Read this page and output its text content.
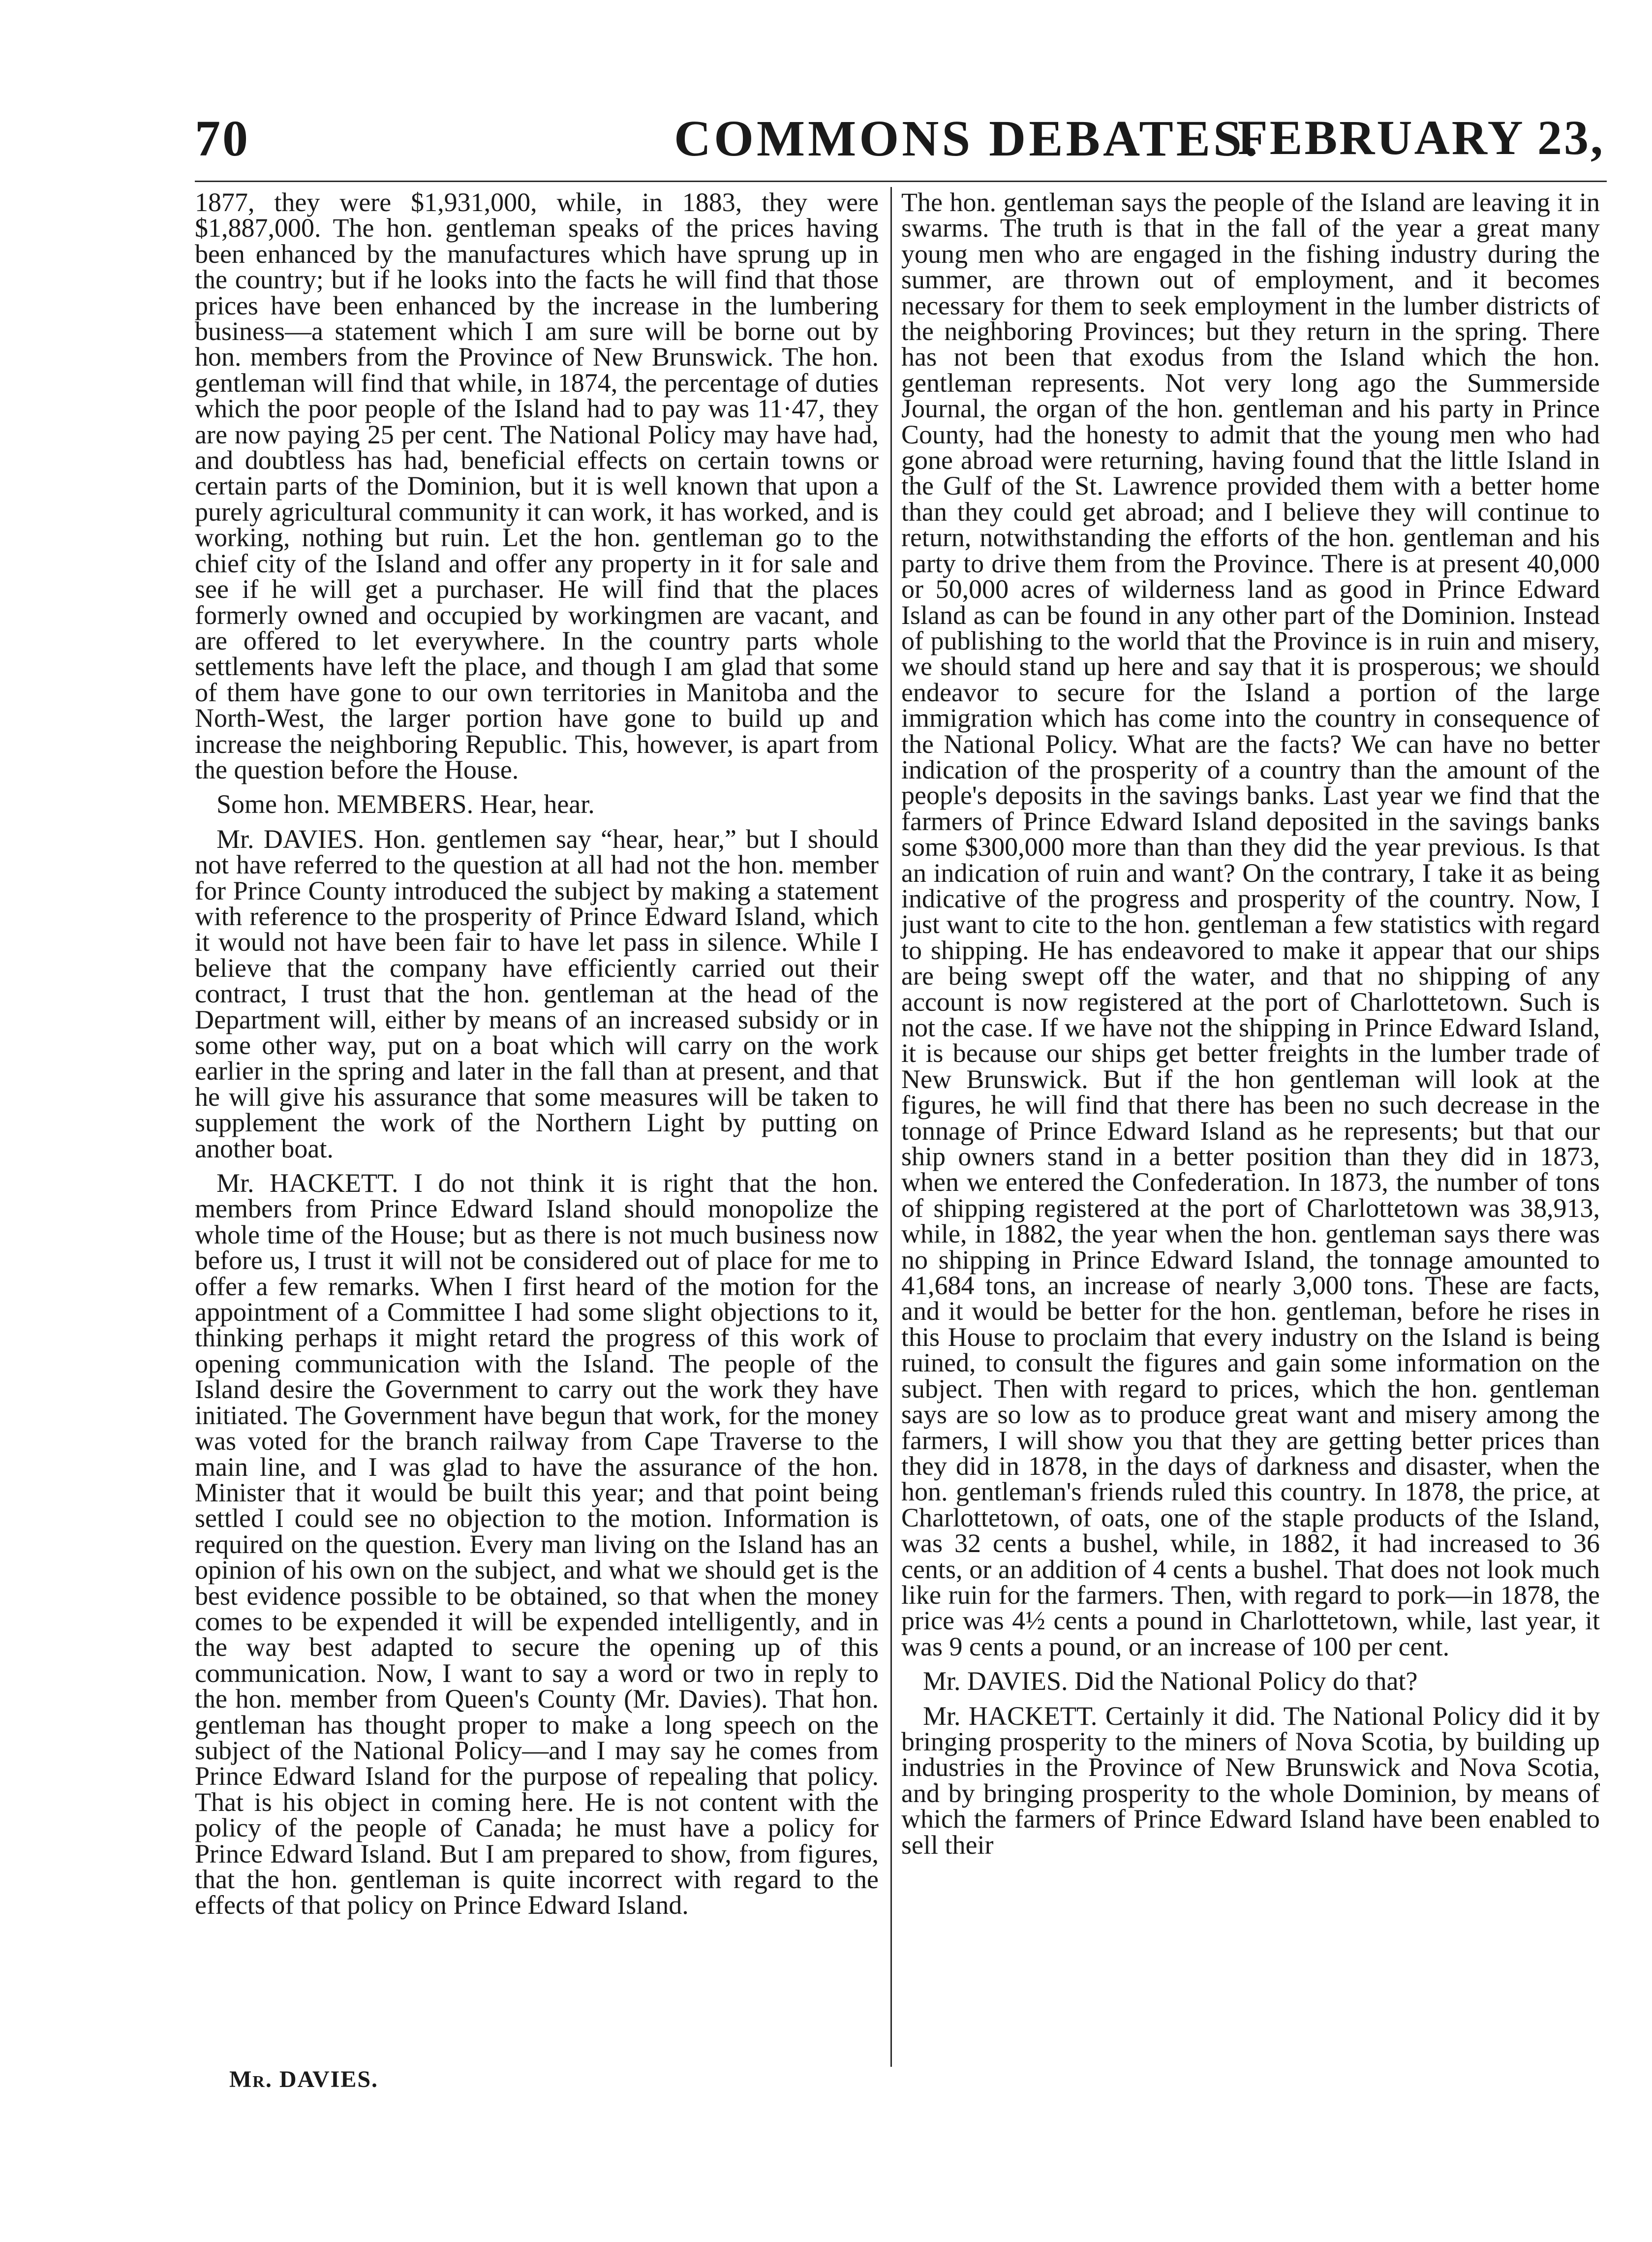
70	COMMONS DEBATES.
FEBRUARY 23,

1877, they were $1,931,000, while, in 1883, they were $1,887,000. The hon. gentleman speaks of the prices having been enhanced by the manufactures which have sprung up in the country; but if he looks into the facts he will find that those prices have been enhanced by the increase in the lumbering business—a statement which I am sure will be borne out by hon. members from the Province of New Brunswick. The hon. gentleman will find that while, in 1874, the percentage of duties which the poor people of the Island had to pay was 11·47, they are now paying 25 per cent. The National Policy may have had, and doubtless has had, beneficial effects on certain towns or certain parts of the Dominion, but it is well known that upon a purely agricultural community it can work, it has worked, and is working, nothing but ruin. Let the hon. gentleman go to the chief city of the Island and offer any property in it for sale and see if he will get a purchaser. He will find that the places formerly owned and occupied by workingmen are vacant, and are offered to let everywhere. In the country parts whole settlements have left the place, and though I am glad that some of them have gone to our own territories in Manitoba and the North-West, the larger portion have gone to build up and increase the neighboring Republic. This, however, is apart from the question before the House.

Some hon. MEMBERS. Hear, hear.

Mr. DAVIES. Hon. gentlemen say “hear, hear,” but I should not have referred to the question at all had not the hon. member for Prince County introduced the subject by making a statement with reference to the prosperity of Prince Edward Island, which it would not have been fair to have let pass in silence. While I believe that the company have efficiently carried out their contract, I trust that the hon. gentleman at the head of the Department will, either by means of an increased subsidy or in some other way, put on a boat which will carry on the work earlier in the spring and later in the fall than at present, and that he will give his assurance that some measures will be taken to supplement the work of the Northern Light by putting on another boat.

Mr. HACKETT. I do not think it is right that the hon. members from Prince Edward Island should monopolize the whole time of the House; but as there is not much business now before us, I trust it will not be considered out of place for me to offer a few remarks. When I first heard of the motion for the appointment of a Committee I had some slight objections to it, thinking perhaps it might retard the progress of this work of opening communication with the Island. The people of the Island desire the Government to carry out the work they have initiated. The Government have begun that work, for the money was voted for the branch railway from Cape Traverse to the main line, and I was glad to have the assurance of the hon. Minister that it would be built this year; and that point being settled I could see no objection to the motion. Information is required on the question. Every man living on the Island has an opinion of his own on the subject, and what we should get is the best evidence possible to be obtained, so that when the money comes to be expended it will be expended intelligently, and in the way best adapted to secure the opening up of this communication. Now, I want to say a word or two in reply to the hon. member from Queen's County (Mr. Davies). That hon. gentleman has thought proper to make a long speech on the subject of the National Policy—and I may say he comes from Prince Edward Island for the purpose of repealing that policy. That is his object in coming here. He is not content with the policy of the people of Canada; he must have a policy for Prince Edward Island. But I am prepared to show, from figures, that the hon. gentleman is quite incorrect with regard to the effects of that policy on Prince Edward Island.

The hon. gentleman says the people of the Island are leaving it in swarms. The truth is that in the fall of the year a great many young men who are engaged in the fishing industry during the summer, are thrown out of employment, and it becomes necessary for them to seek employment in the lumber districts of the neighboring Provinces; but they return in the spring. There has not been that exodus from the Island which the hon. gentleman represents. Not very long ago the Summerside Journal, the organ of the hon. gentleman and his party in Prince County, had the honesty to admit that the young men who had gone abroad were returning, having found that the little Island in the Gulf of the St. Lawrence provided them with a better home than they could get abroad; and I believe they will continue to return, notwithstanding the efforts of the hon. gentleman and his party to drive them from the Province. There is at present 40,000 or 50,000 acres of wilderness land as good in Prince Edward Island as can be found in any other part of the Dominion. Instead of publishing to the world that the Province is in ruin and misery, we should stand up here and say that it is prosperous; we should endeavor to secure for the Island a portion of the large immigration which has come into the country in consequence of the National Policy. What are the facts? We can have no better indication of the prosperity of a country than the amount of the people's deposits in the savings banks. Last year we find that the farmers of Prince Edward Island deposited in the savings banks some $300,000 more than than they did the year previous. Is that an indication of ruin and want? On the contrary, I take it as being indicative of the progress and prosperity of the country. Now, I just want to cite to the hon. gentleman a few statistics with regard to shipping. He has endeavored to make it appear that our ships are being swept off the water, and that no shipping of any account is now registered at the port of Charlottetown. Such is not the case. If we have not the shipping in Prince Edward Island, it is because our ships get better freights in the lumber trade of New Brunswick. But if the hon gentleman will look at the figures, he will find that there has been no such decrease in the tonnage of Prince Edward Island as he represents; but that our ship owners stand in a better position than they did in 1873, when we entered the Confederation. In 1873, the number of tons of shipping registered at the port of Charlottetown was 38,913, while, in 1882, the year when the hon. gentleman says there was no shipping in Prince Edward Island, the tonnage amounted to 41,684 tons, an increase of nearly 3,000 tons. These are facts, and it would be better for the hon. gentleman, before he rises in this House to proclaim that every industry on the Island is being ruined, to consult the figures and gain some information on the subject. Then with regard to prices, which the hon. gentleman says are so low as to produce great want and misery among the farmers, I will show you that they are getting better prices than they did in 1878, in the days of darkness and disaster, when the hon. gentleman's friends ruled this country. In 1878, the price, at Charlottetown, of oats, one of the staple products of the Island, was 32 cents a bushel, while, in 1882, it had increased to 36 cents, or an addition of 4 cents a bushel. That does not look much like ruin for the farmers. Then, with regard to pork—in 1878, the price was 4½ cents a pound in Charlottetown, while, last year, it was 9 cents a pound, or an increase of 100 per cent.

Mr. DAVIES. Did the National Policy do that?

Mr. HACKETT. Certainly it did. The National Policy did it by bringing prosperity to the miners of Nova Scotia, by building up industries in the Province of New Brunswick and Nova Scotia, and by bringing prosperity to the whole Dominion, by means of which the farmers of Prince Edward Island have been enabled to sell their

Mr. DAVIES.
